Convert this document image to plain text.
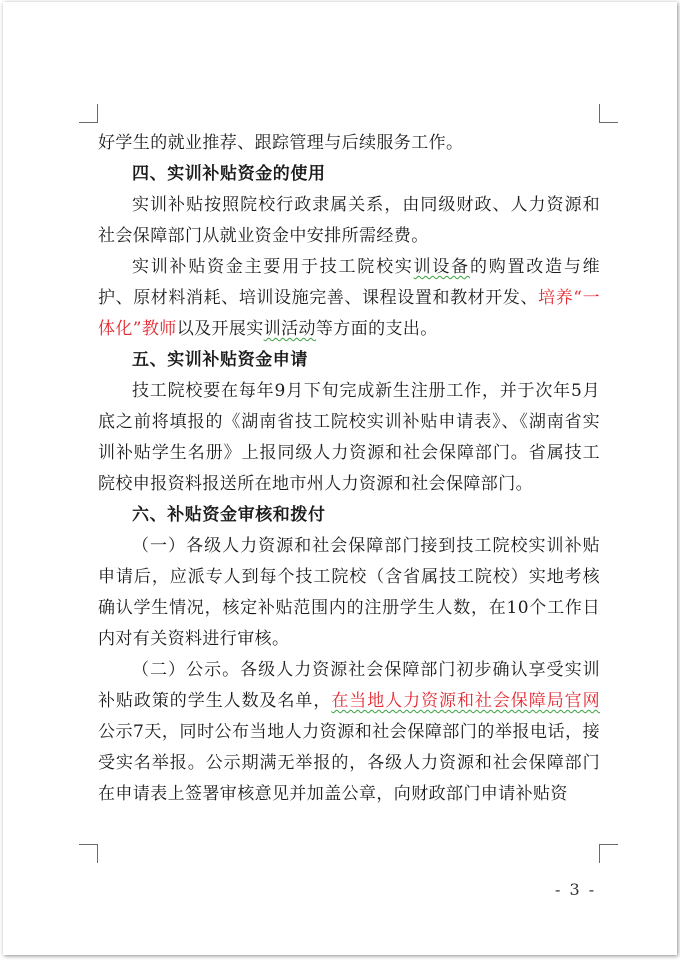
好学生的就业推荐、跟踪管理与后续服务工作。

四、实训补贴资金的使用

实训补贴按照院校行政隶属关系，由同级财政、人力资源和社会保障部门从就业资金中安排所需经费。

实训补贴资金主要用于技工院校实训设备的购置改造与维护、原材料消耗、培训设施完善、课程设置和教材开发、培养“一体化”教师以及开展实训活动等方面的支出。

五、实训补贴资金申请

技工院校要在每年9月下旬完成新生注册工作，并于次年5月底之前将填报的《湖南省技工院校实训补贴申请表》、《湖南省实训补贴学生名册》上报同级人力资源和社会保障部门。省属技工院校申报资料报送所在地市州人力资源和社会保障部门。

六、补贴资金审核和拨付

（一）各级人力资源和社会保障部门接到技工院校实训补贴申请后，应派专人到每个技工院校（含省属技工院校）实地考核确认学生情况，核定补贴范围内的注册学生人数，在10个工作日内对有关资料进行审核。

（二）公示。各级人力资源社会保障部门初步确认享受实训补贴政策的学生人数及名单，在当地人力资源和社会保障局官网公示7天，同时公布当地人力资源和社会保障部门的举报电话，接受实名举报。公示期满无举报的，各级人力资源和社会保障部门在申请表上签署审核意见并加盖公章，向财政部门申请补贴资

- 3 -
